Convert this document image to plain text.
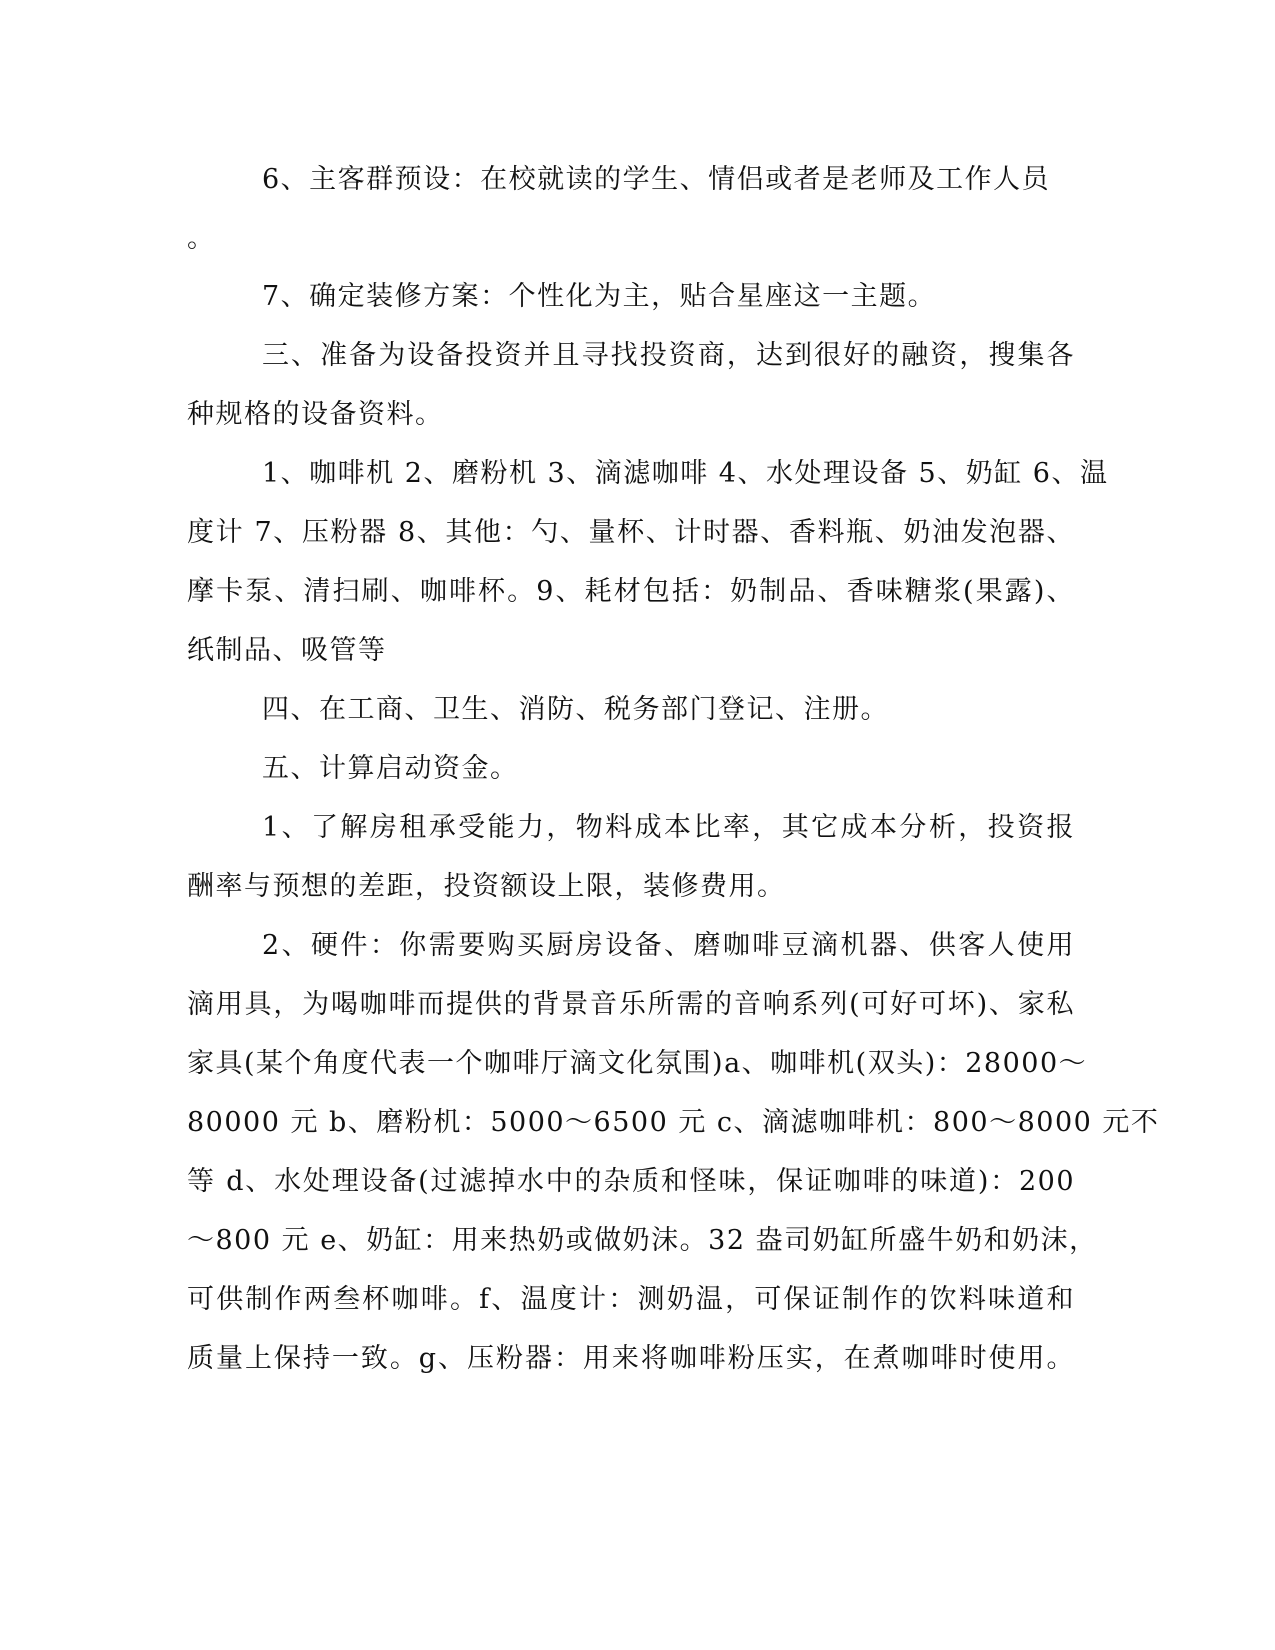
6、主客群预设：在校就读的学生、情侣或者是老师及工作人员
。
7、确定装修方案：个性化为主，贴合星座这一主题。
三、准备为设备投资并且寻找投资商，达到很好的融资，搜集各
种规格的设备资料。
1、咖啡机 2、磨粉机 3、滴滤咖啡 4、水处理设备 5、奶缸 6、温
度计 7、压粉器 8、其他：勺、量杯、计时器、香料瓶、奶油发泡器、
摩卡泵、清扫刷、咖啡杯。9、耗材包括：奶制品、香味糖浆(果露)、
纸制品、吸管等
四、在工商、卫生、消防、税务部门登记、注册。
五、计算启动资金。
1、了解房租承受能力，物料成本比率，其它成本分析，投资报
酬率与预想的差距，投资额设上限，装修费用。
2、硬件：你需要购买厨房设备、磨咖啡豆滴机器、供客人使用
滴用具，为喝咖啡而提供的背景音乐所需的音响系列(可好可坏)、家私
家具(某个角度代表一个咖啡厅滴文化氛围)a、咖啡机(双头)：28000～
80000 元 b、磨粉机：5000～6500 元 c、滴滤咖啡机：800～8000 元不
等 d、水处理设备(过滤掉水中的杂质和怪味，保证咖啡的味道)：200
～800 元 e、奶缸：用来热奶或做奶沫。32 盎司奶缸所盛牛奶和奶沫，
可供制作两叁杯咖啡。f、温度计：测奶温，可保证制作的饮料味道和
质量上保持一致。g、压粉器：用来将咖啡粉压实，在煮咖啡时使用。
